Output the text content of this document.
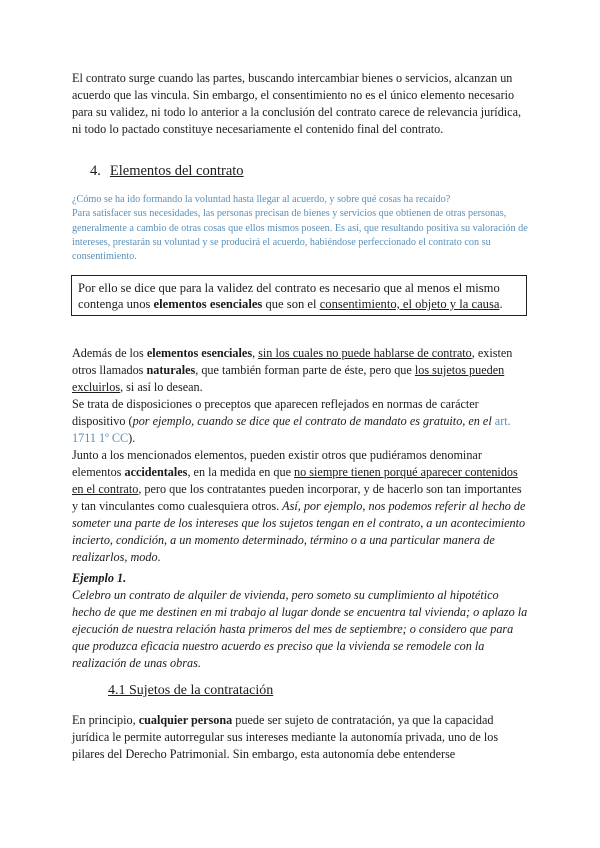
El contrato surge cuando las partes, buscando intercambiar bienes o servicios, alcanzan un acuerdo que las vincula. Sin embargo, el consentimiento no es el único elemento necesario para su validez, ni todo lo anterior a la conclusión del contrato carece de relevancia jurídica, ni todo lo pactado constituye necesariamente el contenido final del contrato.

4. Elementos del contrato
¿Cómo se ha ido formando la voluntad hasta llegar al acuerdo, y sobre qué cosas ha recaído?
Para satisfacer sus necesidades, las personas precisan de bienes y servicios que obtienen de otras personas, generalmente a cambio de otras cosas que ellos mismos poseen. Es así, que resultando positiva su valoración de intereses, prestarán su voluntad y se producirá el acuerdo, habiéndose perfeccionado el contrato con su consentimiento.
Por ello se dice que para la validez del contrato es necesario que al menos el mismo contenga unos elementos esenciales que son el consentimiento, el objeto y la causa.
Además de los elementos esenciales, sin los cuales no puede hablarse de contrato, existen otros llamados naturales, que también forman parte de éste, pero que los sujetos pueden excluirlos, si así lo desean.
Se trata de disposiciones o preceptos que aparecen reflejados en normas de carácter dispositivo (por ejemplo, cuando se dice que el contrato de mandato es gratuito, en el art. 1711 1º CC).
Junto a los mencionados elementos, pueden existir otros que pudiéramos denominar elementos accidentales, en la medida en que no siempre tienen porqué aparecer contenidos en el contrato, pero que los contratantes pueden incorporar, y de hacerlo son tan importantes y tan vinculantes como cualesquiera otros. Así, por ejemplo, nos podemos referir al hecho de someter una parte de los intereses que los sujetos tengan en el contrato, a un acontecimiento incierto, condición, a un momento determinado, término o a una particular manera de realizarlos, modo.
Ejemplo 1.
Celebro un contrato de alquiler de vivienda, pero someto su cumplimiento al hipotético hecho de que me destinen en mi trabajo al lugar donde se encuentra tal vivienda; o aplazo la ejecución de nuestra relación hasta primeros del mes de septiembre; o considero que para que produzca eficacia nuestro acuerdo es preciso que la vivienda se remodele con la realización de unas obras.
4.1 Sujetos de la contratación
En principio, cualquier persona puede ser sujeto de contratación, ya que la capacidad jurídica le permite autorregular sus intereses mediante la autonomía privada, uno de los pilares del Derecho Patrimonial. Sin embargo, esta autonomía debe entenderse
